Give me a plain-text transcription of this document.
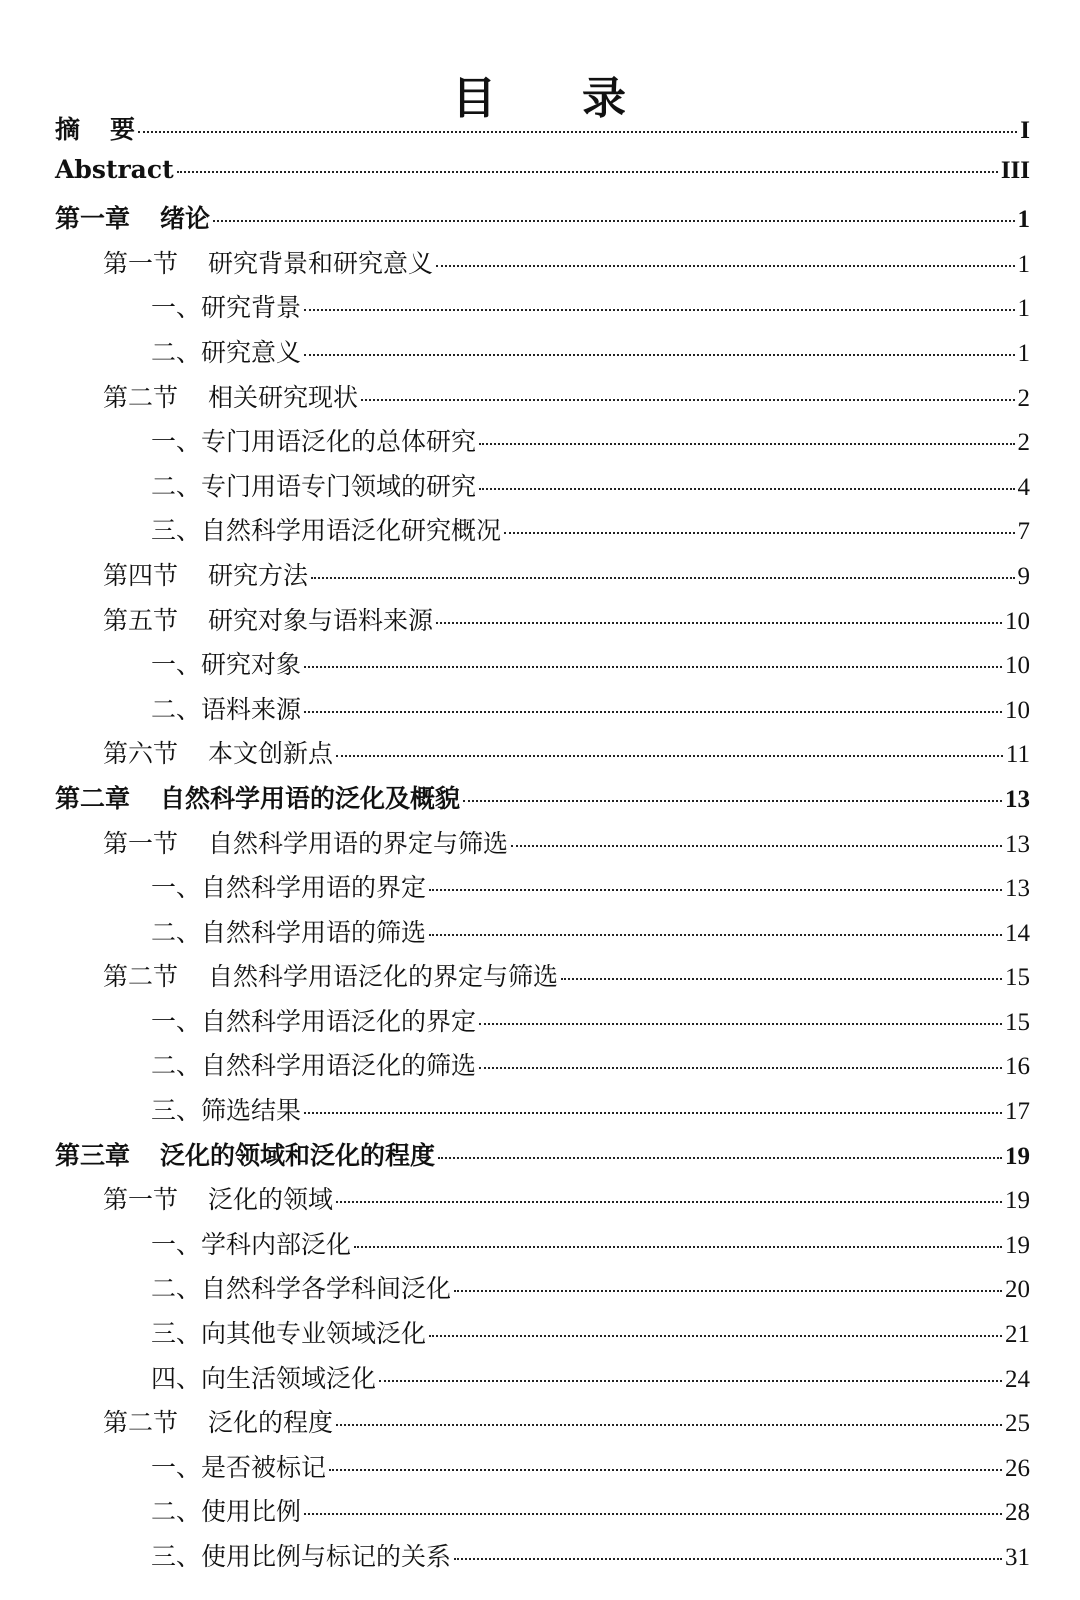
目 录
摘 要	I
Abstract	III
第一章 绪论	1
第一节 研究背景和研究意义	1
一、研究背景	1
二、研究意义	1
第二节 相关研究现状	2
一、专门用语泛化的总体研究	2
二、专门用语专门领域的研究	4
三、自然科学用语泛化研究概况	7
第四节 研究方法	9
第五节 研究对象与语料来源	10
一、研究对象	10
二、语料来源	10
第六节 本文创新点	11
第二章 自然科学用语的泛化及概貌	13
第一节 自然科学用语的界定与筛选	13
一、自然科学用语的界定	13
二、自然科学用语的筛选	14
第二节 自然科学用语泛化的界定与筛选	15
一、自然科学用语泛化的界定	15
二、自然科学用语泛化的筛选	16
三、筛选结果	17
第三章 泛化的领域和泛化的程度	19
第一节 泛化的领域	19
一、学科内部泛化	19
二、自然科学各学科间泛化	20
三、向其他专业领域泛化	21
四、向生活领域泛化	24
第二节 泛化的程度	25
一、是否被标记	26
二、使用比例	28
三、使用比例与标记的关系	31
